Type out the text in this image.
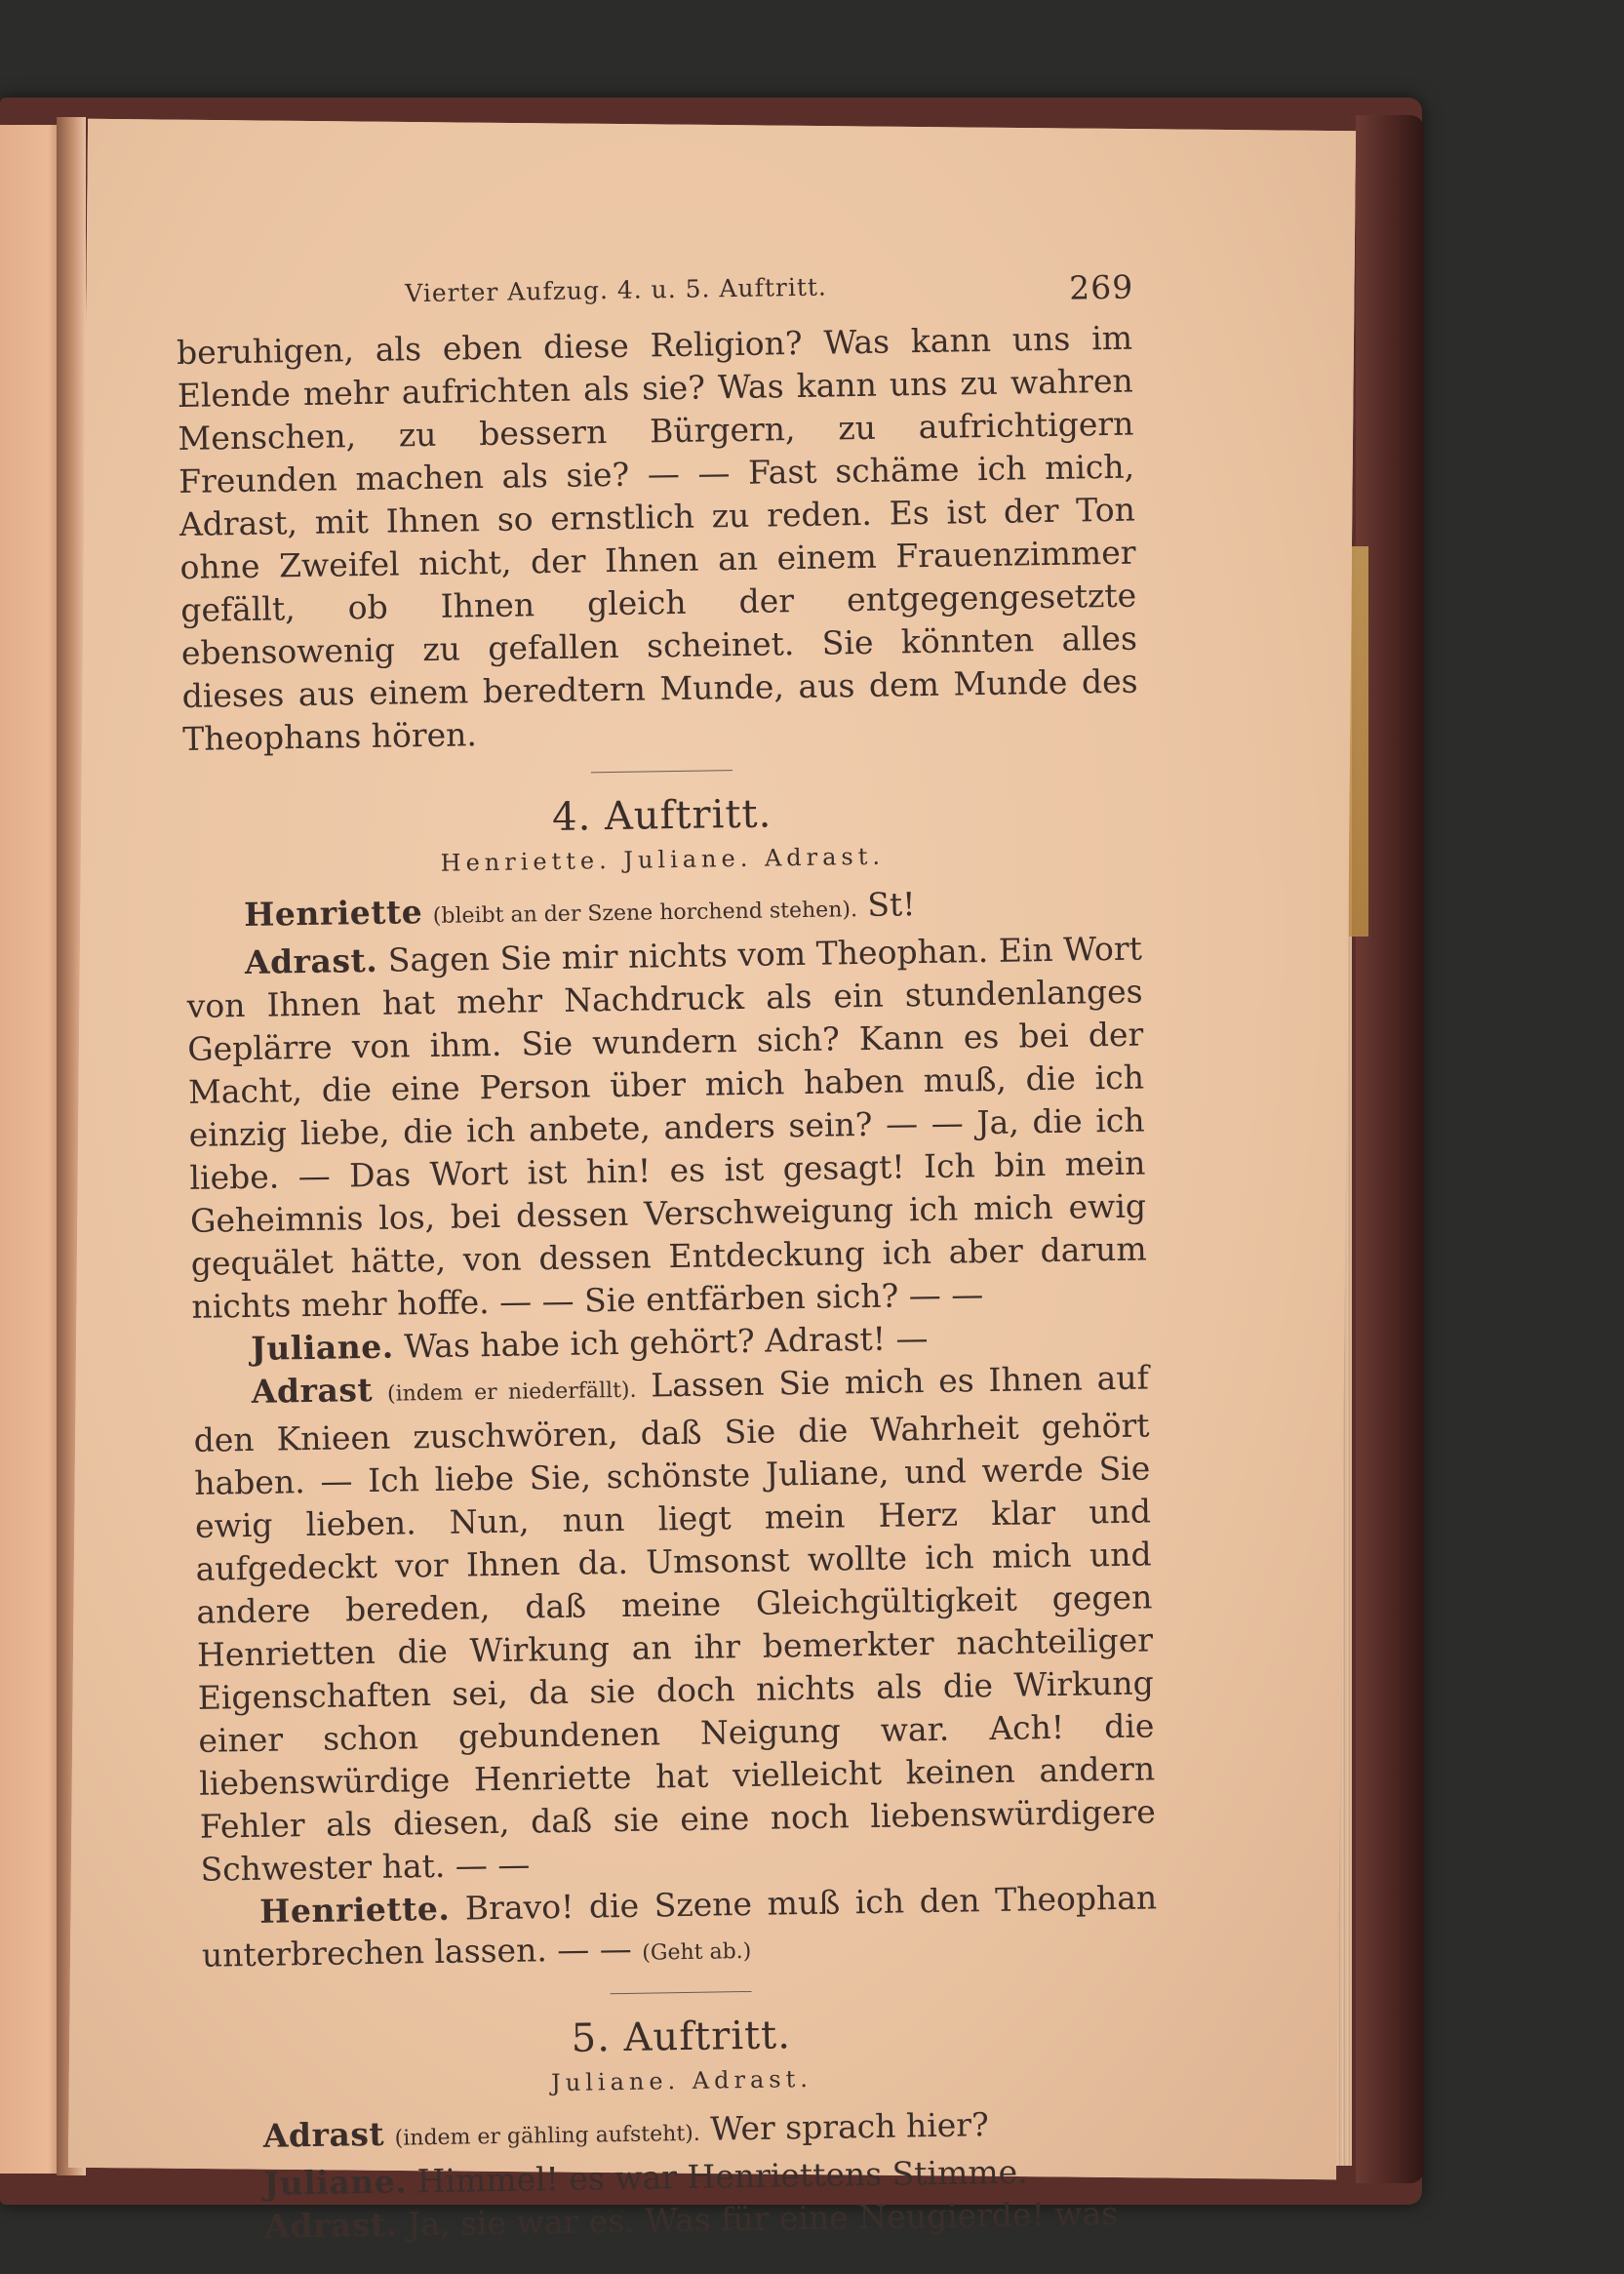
Vierter Aufzug. 4. u. 5. Auftritt.	269

beruhigen, als eben diese Religion? Was kann uns im Elende mehr aufrichten als sie? Was kann uns zu wahren Menschen, zu bessern Bürgern, zu aufrichtigern Freunden machen als sie? — — Fast schäme ich mich, Adrast, mit Ihnen so ernstlich zu reden. Es ist der Ton ohne Zweifel nicht, der Ihnen an einem Frauenzimmer gefällt, ob Ihnen gleich der entgegengesetzte ebensowenig zu gefallen scheinet. Sie könnten alles dieses aus einem beredtern Munde, aus dem Munde des Theophans hören.

4. Auftritt.
Henriette. Juliane. Adrast.

Henriette (bleibt an der Szene horchend stehen). St!

Adrast. Sagen Sie mir nichts vom Theophan. Ein Wort von Ihnen hat mehr Nachdruck als ein stundenlanges Geplärre von ihm. Sie wundern sich? Kann es bei der Macht, die eine Person über mich haben muß, die ich einzig liebe, die ich anbete, anders sein? — — Ja, die ich liebe. — Das Wort ist hin! es ist gesagt! Ich bin mein Geheimnis los, bei dessen Verschweigung ich mich ewig gequälet hätte, von dessen Entdeckung ich aber darum nichts mehr hoffe. — — Sie entfärben sich? — —

Juliane. Was habe ich gehört? Adrast! —

Adrast (indem er niederfällt). Lassen Sie mich es Ihnen auf den Knieen zuschwören, daß Sie die Wahrheit gehört haben. — Ich liebe Sie, schönste Juliane, und werde Sie ewig lieben. Nun, nun liegt mein Herz klar und aufgedeckt vor Ihnen da. Umsonst wollte ich mich und andere bereden, daß meine Gleichgültigkeit gegen Henrietten die Wirkung an ihr bemerkter nachteiliger Eigenschaften sei, da sie doch nichts als die Wirkung einer schon gebundenen Neigung war. Ach! die liebenswürdige Henriette hat vielleicht keinen andern Fehler als diesen, daß sie eine noch liebenswürdigere Schwester hat. — —

Henriette. Bravo! die Szene muß ich den Theophan unterbrechen lassen. — — (Geht ab.)

5. Auftritt.
Juliane. Adrast.

Adrast (indem er gähling aufsteht). Wer sprach hier?

Juliane. Himmel! es war Henriettens Stimme.

Adrast. Ja, sie war es. Was für eine Neugierde! was
